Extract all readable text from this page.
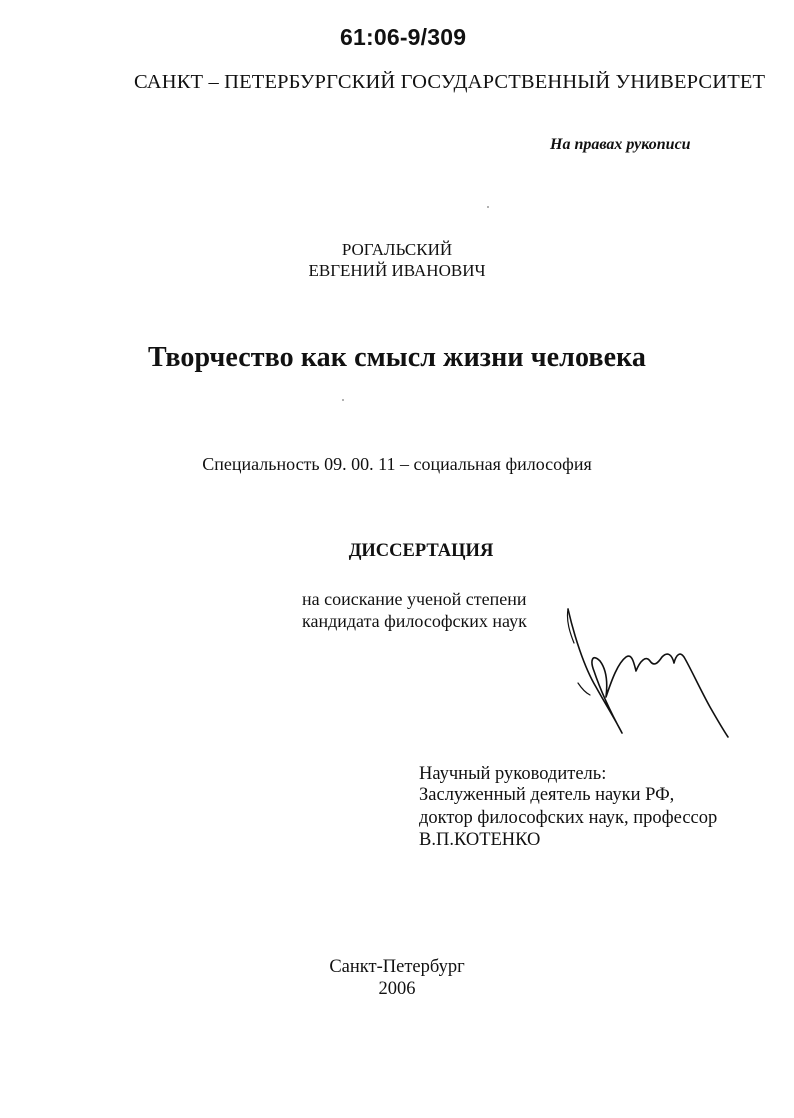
61:06-9/309
САНКТ – ПЕТЕРБУРГСКИЙ ГОСУДАРСТВЕННЫЙ УНИВЕРСИТЕТ
На правах рукописи
РОГАЛЬСКИЙ
ЕВГЕНИЙ ИВАНОВИЧ
Творчество как смысл жизни человека
Специальность 09. 00. 11 – социальная философия
ДИССЕРТАЦИЯ
на соискание ученой степени
кандидата философских наук
Научный руководитель:
Заслуженный деятель науки РФ,
доктор философских наук, профессор
В.П.КОТЕНКО
Санкт-Петербург
2006
